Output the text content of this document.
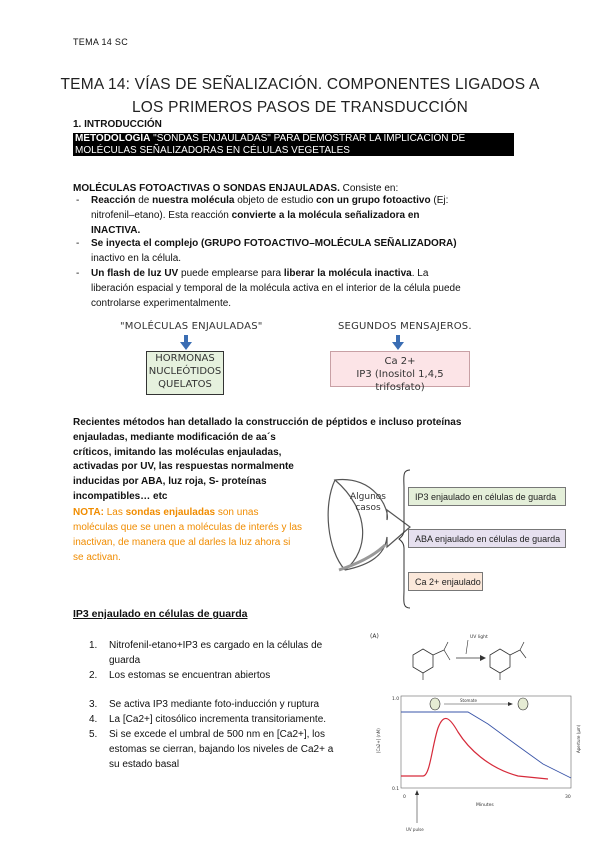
TEMA 14 SC
TEMA 14: VÍAS DE SEÑALIZACIÓN. COMPONENTES LIGADOS A
LOS PRIMEROS PASOS DE TRANSDUCCIÓN
1. INTRODUCCIÓN
METODOLOGÍA "SONDAS ENJAULADAS" PARA DEMOSTRAR LA IMPLICACIÓN DE
MOLÉCULAS SEÑALIZADORAS EN CÉLULAS VEGETALES
MOLÉCULAS FOTOACTIVAS O SONDAS ENJAULADAS. Consiste en:
- Reacción de nuestra molécula objeto de estudio con un grupo fotoactivo (Ej:
nitrofenil–etano). Esta reacción convierte a la molécula señalizadora en
INACTIVA.
- Se inyecta el complejo (GRUPO FOTOACTIVO–MOLÉCULA SEÑALIZADORA)
inactivo en la célula.
- Un flash de luz UV puede emplearse para liberar la molécula inactiva. La
liberación espacial y temporal de la molécula activa en el interior de la célula puede
controlarse experimentalmente.
"MOLÉCULAS ENJAULADAS"
HORMONAS
NUCLEÓTIDOS
QUELATOS
SEGUNDOS MENSAJEROS.
Ca 2+
IP3 (Inositol 1,4,5 trifosfato)
Recientes métodos han detallado la construcción de péptidos e incluso proteínas
enjauladas, mediante modificación de aa´s
críticos, imitando las moléculas enjauladas,
activadas por UV, las respuestas normalmente
inducidas por ABA, luz roja, S- proteínas
incompatibles… etc
NOTA: Las sondas enjauladas son unas
moléculas que se unen a moléculas de interés y las
inactivan, de manera que al darles la luz ahora si
se activan.
Algunos
casos
IP3 enjaulado en células de guarda
ABA enjaulado en células de guarda
Ca 2+ enjaulado
IP3 enjaulado en células de guarda
1. Nitrofenil-etano+IP3 es cargado en la células de
guarda
2. Los estomas se encuentran abiertos
3. Se activa IP3 mediante foto-inducción y ruptura
4. La [Ca2+] citosólico incrementa transitoriamente.
5. Si se excede el umbral de 500 nm en [Ca2+], los
estomas se cierran, bajando los niveles de Ca2+ a
su estado basal
(A)	UV light
Stomate
1.0
0.1
[Ca2+] (nM)	Aperture (μm)
0	30
Minutes
UV pulse
